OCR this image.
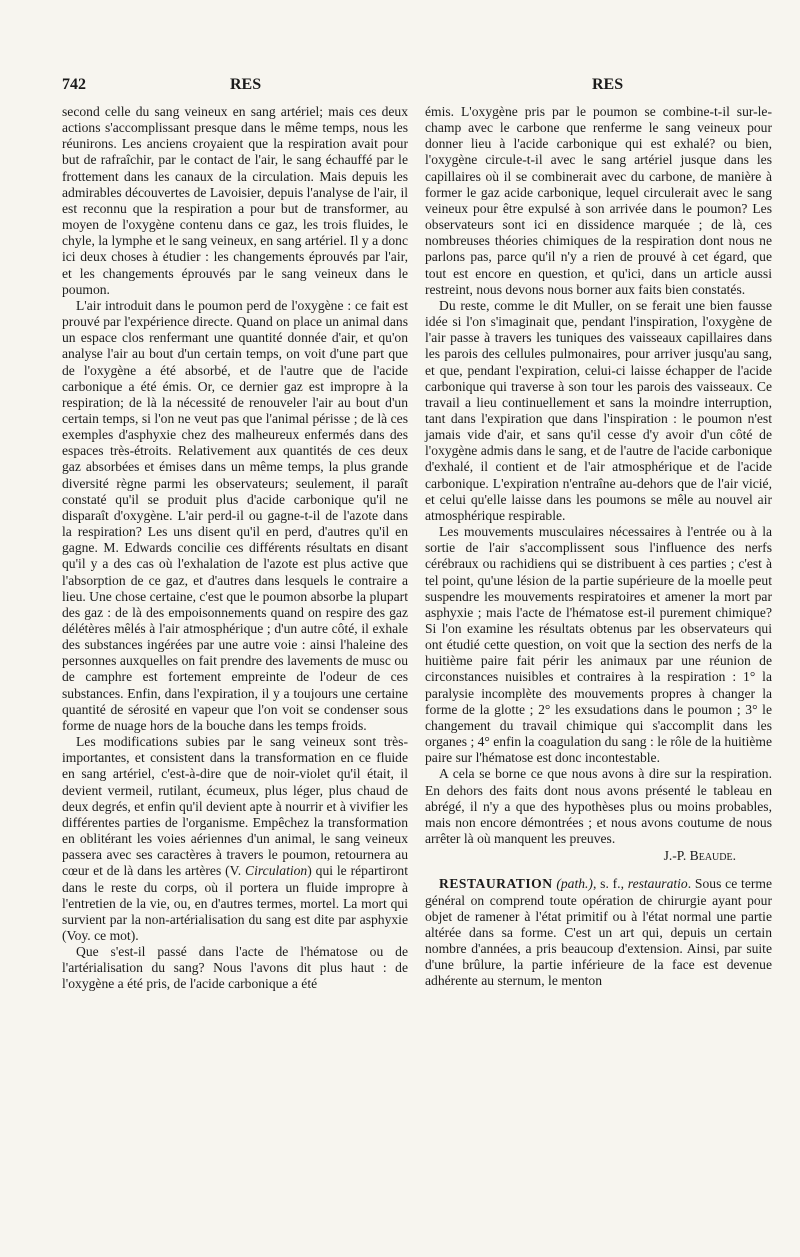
742	RES	RES

second celle du sang veineux en sang artériel; mais ces deux actions s'accomplissant presque dans le même temps, nous les réunirons. Les anciens croyaient que la respiration avait pour but de rafraîchir, par le contact de l'air, le sang échauffé par le frottement dans les canaux de la circulation. Mais depuis les admirables découvertes de Lavoisier, depuis l'analyse de l'air, il est reconnu que la respiration a pour but de transformer, au moyen de l'oxygène contenu dans ce gaz, les trois fluides, le chyle, la lymphe et le sang veineux, en sang artériel. Il y a donc ici deux choses à étudier : les changements éprouvés par l'air, et les changements éprouvés par le sang veineux dans le poumon.

L'air introduit dans le poumon perd de l'oxygène : ce fait est prouvé par l'expérience directe. Quand on place un animal dans un espace clos renfermant une quantité donnée d'air, et qu'on analyse l'air au bout d'un certain temps, on voit d'une part que de l'oxygène a été absorbé, et de l'autre que de l'acide carbonique a été émis. Or, ce dernier gaz est impropre à la respiration; de là la nécessité de renouveler l'air au bout d'un certain temps, si l'on ne veut pas que l'animal périsse ; de là ces exemples d'asphyxie chez des malheureux enfermés dans des espaces très-étroits. Relativement aux quantités de ces deux gaz absorbées et émises dans un même temps, la plus grande diversité règne parmi les observateurs; seulement, il paraît constaté qu'il se produit plus d'acide carbonique qu'il ne disparaît d'oxygène. L'air perd-il ou gagne-t-il de l'azote dans la respiration? Les uns disent qu'il en perd, d'autres qu'il en gagne. M. Edwards concilie ces différents résultats en disant qu'il y a des cas où l'exhalation de l'azote est plus active que l'absorption de ce gaz, et d'autres dans lesquels le contraire a lieu. Une chose certaine, c'est que le poumon absorbe la plupart des gaz : de là des empoisonnements quand on respire des gaz délétères mêlés à l'air atmosphérique ; d'un autre côté, il exhale des substances ingérées par une autre voie : ainsi l'haleine des personnes auxquelles on fait prendre des lavements de musc ou de camphre est fortement empreinte de l'odeur de ces substances. Enfin, dans l'expiration, il y a toujours une certaine quantité de sérosité en vapeur que l'on voit se condenser sous forme de nuage hors de la bouche dans les temps froids.

Les modifications subies par le sang veineux sont très-importantes, et consistent dans la transformation en ce fluide en sang artériel, c'est-à-dire que de noir-violet qu'il était, il devient vermeil, rutilant, écumeux, plus léger, plus chaud de deux degrés, et enfin qu'il devient apte à nourrir et à vivifier les différentes parties de l'organisme. Empêchez la transformation en oblitérant les voies aériennes d'un animal, le sang veineux passera avec ses caractères à travers le poumon, retournera au cœur et de là dans les artères (V. Circulation) qui le répartiront dans le reste du corps, où il portera un fluide impropre à l'entretien de la vie, ou, en d'autres termes, mortel. La mort qui survient par la non-artérialisation du sang est dite par asphyxie (Voy. ce mot).

Que s'est-il passé dans l'acte de l'hématose ou de l'artérialisation du sang? Nous l'avons dit plus haut : de l'oxygène a été pris, de l'acide carbonique a été

émis. L'oxygène pris par le poumon se combine-t-il sur-le-champ avec le carbone que renferme le sang veineux pour donner lieu à l'acide carbonique qui est exhalé? ou bien, l'oxygène circule-t-il avec le sang artériel jusque dans les capillaires où il se combinerait avec du carbone, de manière à former le gaz acide carbonique, lequel circulerait avec le sang veineux pour être expulsé à son arrivée dans le poumon? Les observateurs sont ici en dissidence marquée ; de là, ces nombreuses théories chimiques de la respiration dont nous ne parlons pas, parce qu'il n'y a rien de prouvé à cet égard, que tout est encore en question, et qu'ici, dans un article aussi restreint, nous devons nous borner aux faits bien constatés.

Du reste, comme le dit Muller, on se ferait une bien fausse idée si l'on s'imaginait que, pendant l'inspiration, l'oxygène de l'air passe à travers les tuniques des vaisseaux capillaires dans les parois des cellules pulmonaires, pour arriver jusqu'au sang, et que, pendant l'expiration, celui-ci laisse échapper de l'acide carbonique qui traverse à son tour les parois des vaisseaux. Ce travail a lieu continuellement et sans la moindre interruption, tant dans l'expiration que dans l'inspiration : le poumon n'est jamais vide d'air, et sans qu'il cesse d'y avoir d'un côté de l'oxygène admis dans le sang, et de l'autre de l'acide carbonique d'exhalé, il contient et de l'air atmosphérique et de l'acide carbonique. L'expiration n'entraîne au-dehors que de l'air vicié, et celui qu'elle laisse dans les poumons se mêle au nouvel air atmosphérique respirable.

Les mouvements musculaires nécessaires à l'entrée ou à la sortie de l'air s'accomplissent sous l'influence des nerfs cérébraux ou rachidiens qui se distribuent à ces parties ; c'est à tel point, qu'une lésion de la partie supérieure de la moelle peut suspendre les mouvements respiratoires et amener la mort par asphyxie ; mais l'acte de l'hématose est-il purement chimique? Si l'on examine les résultats obtenus par les observateurs qui ont étudié cette question, on voit que la section des nerfs de la huitième paire fait périr les animaux par une réunion de circonstances nuisibles et contraires à la respiration : 1° la paralysie incomplète des mouvements propres à changer la forme de la glotte ; 2° les exsudations dans le poumon ; 3° le changement du travail chimique qui s'accomplit dans les organes ; 4° enfin la coagulation du sang : le rôle de la huitième paire sur l'hématose est donc incontestable.

A cela se borne ce que nous avons à dire sur la respiration. En dehors des faits dont nous avons présenté le tableau en abrégé, il n'y a que des hypothèses plus ou moins probables, mais non encore démontrées ; et nous avons coutume de nous arrêter là où manquent les preuves.

J.-P. Beaude.

RESTAURATION (path.), s. f., restauratio. Sous ce terme général on comprend toute opération de chirurgie ayant pour objet de ramener à l'état primitif ou à l'état normal une partie altérée dans sa forme. C'est un art qui, depuis un certain nombre d'années, a pris beaucoup d'extension. Ainsi, par suite d'une brûlure, la partie inférieure de la face est devenue adhérente au sternum, le menton
